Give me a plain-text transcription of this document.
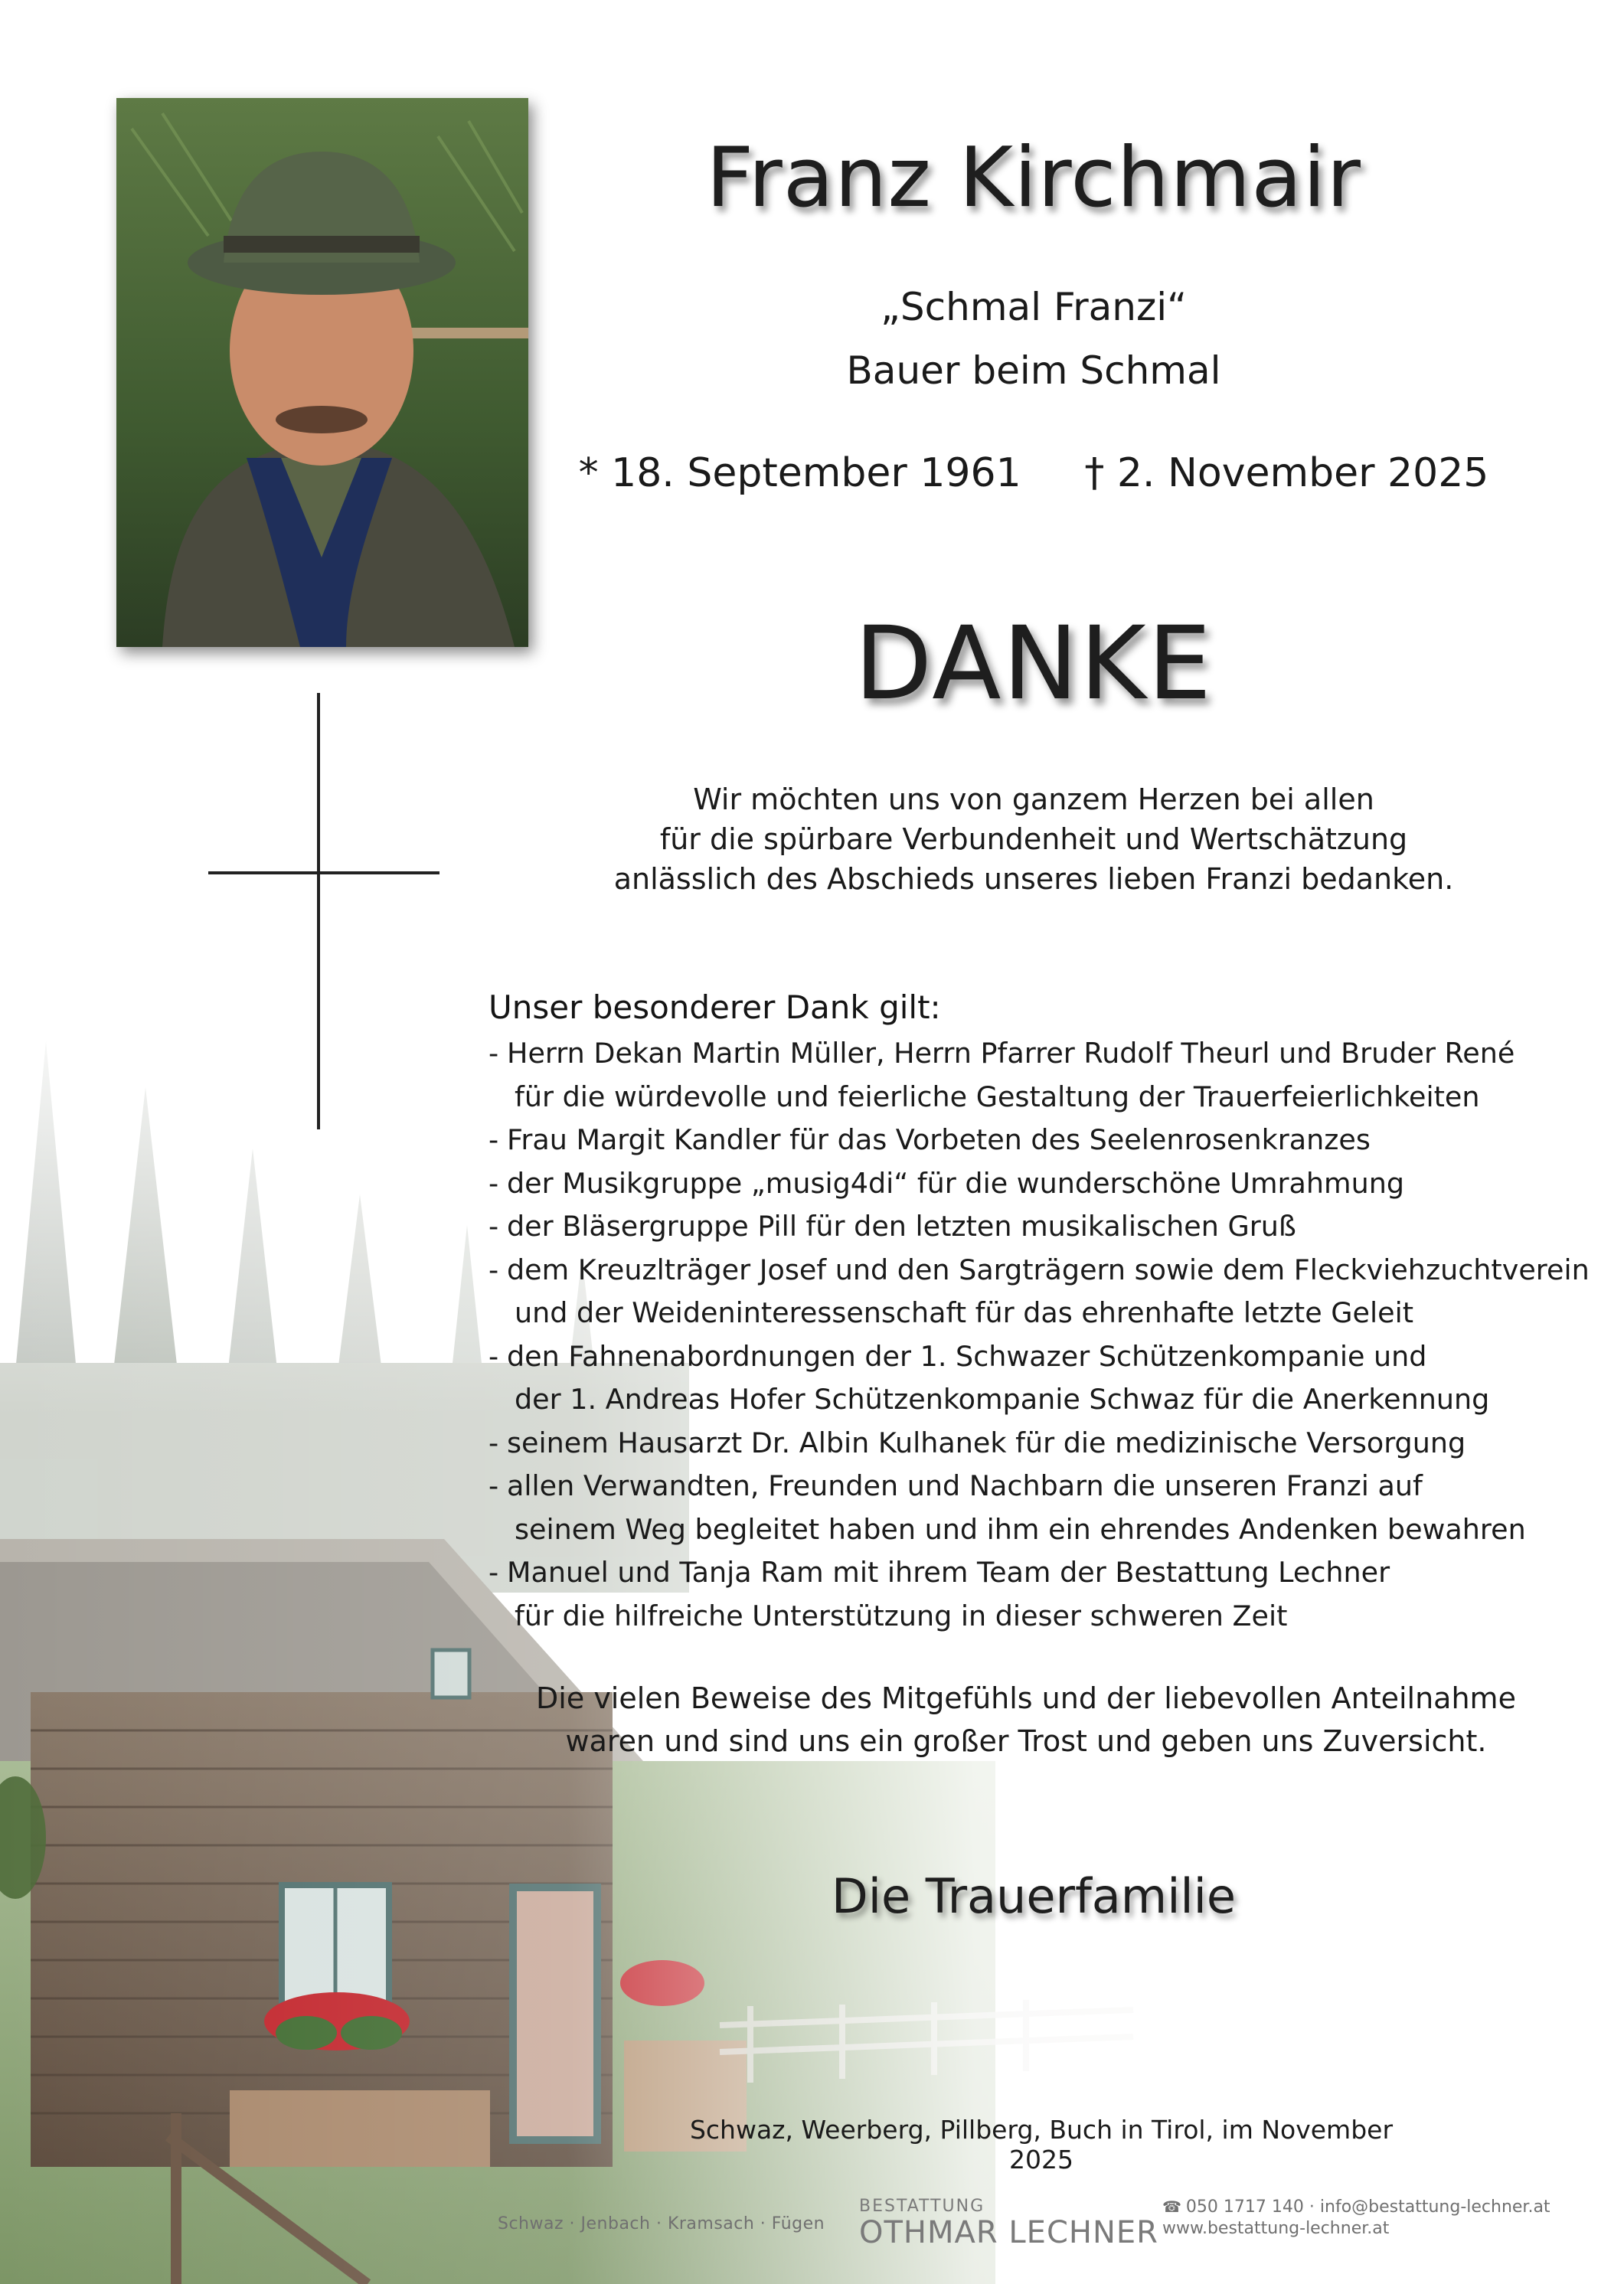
Franz Kirchmair
„Schmal Franzi“
Bauer beim Schmal
* 18. September 1961 † 2. November 2025
DANKE
Wir möchten uns von ganzem Herzen bei allen
für die spürbare Verbundenheit und Wertschätzung
anlässlich des Abschieds unseres lieben Franzi bedanken.
Unser besonderer Dank gilt:
- Herrn Dekan Martin Müller, Herrn Pfarrer Rudolf Theurl und Bruder René
für die würdevolle und feierliche Gestaltung der Trauerfeierlichkeiten
- Frau Margit Kandler für das Vorbeten des Seelenrosenkranzes
- der Musikgruppe „musig4di“ für die wunderschöne Umrahmung
- der Bläsergruppe Pill für den letzten musikalischen Gruß
- dem Kreuzlträger Josef und den Sargträgern sowie dem Fleckviehzuchtverein
und der Weideninteressenschaft für das ehrenhafte letzte Geleit
- den Fahnenabordnungen der 1. Schwazer Schützenkompanie und
der 1. Andreas Hofer Schützenkompanie Schwaz für die Anerkennung
- seinem Hausarzt Dr. Albin Kulhanek für die medizinische Versorgung
- allen Verwandten, Freunden und Nachbarn die unseren Franzi auf
seinem Weg begleitet haben und ihm ein ehrendes Andenken bewahren
- Manuel und Tanja Ram mit ihrem Team der Bestattung Lechner
für die hilfreiche Unterstützung in dieser schweren Zeit
Die vielen Beweise des Mitgefühls und der liebevollen Anteilnahme
waren und sind uns ein großer Trost und geben uns Zuversicht.
Die Trauerfamilie
Schwaz, Weerberg, Pillberg, Buch in Tirol, im November 2025
Schwaz · Jenbach · Kramsach · Fügen
BESTATTUNG
OTHMAR LECHNER
☎ 050 1717 140 · info@bestattung-lechner.at
www.bestattung-lechner.at
